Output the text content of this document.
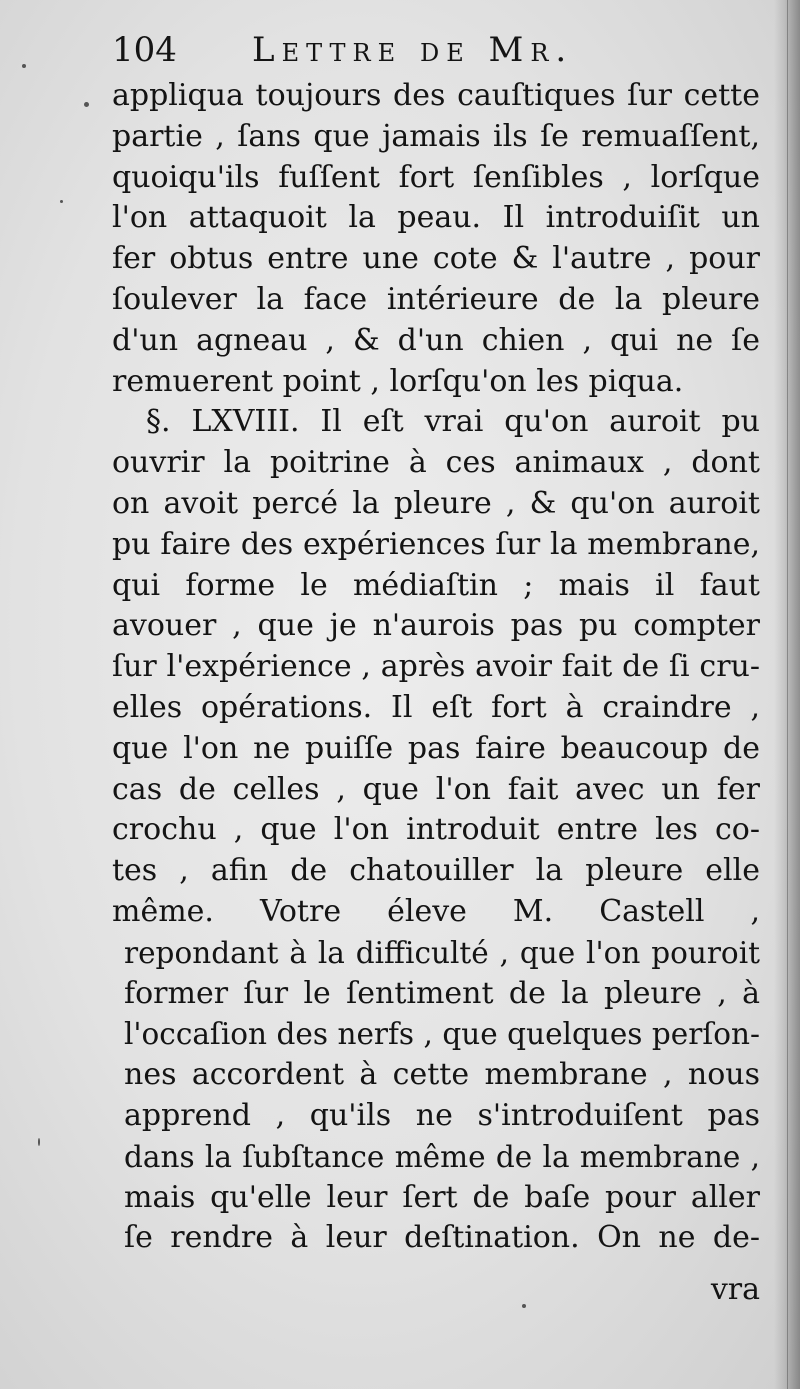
104 Lettre de Mr.
appliqua toujours des cauſtiques ſur cette
partie , ſans que jamais ils ſe remuaſſent,
quoiqu'ils fuſſent fort ſenſibles , lorſque
l'on attaquoit la peau. Il introduiſit un
fer obtus entre une cote & l'autre , pour
ſoulever la face intérieure de la pleure
d'un agneau , & d'un chien , qui ne ſe
remuerent point , lorſqu'on les piqua.
§. LXVIII. Il eſt vrai qu'on auroit pu
ouvrir la poitrine à ces animaux , dont
on avoit percé la pleure , & qu'on auroit
pu faire des expériences ſur la membrane,
qui forme le médiaſtin ; mais il faut
avouer , que je n'aurois pas pu compter
ſur l'expérience , après avoir fait de ſi cru-
elles opérations. Il eſt fort à craindre ,
que l'on ne puiſſe pas faire beaucoup de
cas de celles , que l'on fait avec un fer
crochu , que l'on introduit entre les co-
tes , afin de chatouiller la pleure elle
même. Votre éleve M. Castell ,
repondant à la difficulté , que l'on pouroit
former ſur le ſentiment de la pleure , à
l'occaſion des nerfs , que quelques perſon-
nes accordent à cette membrane , nous
apprend , qu'ils ne s'introduiſent pas
dans la ſubſtance même de la membrane ,
mais qu'elle leur ſert de baſe pour aller
ſe rendre à leur deſtination. On ne de-
vra
